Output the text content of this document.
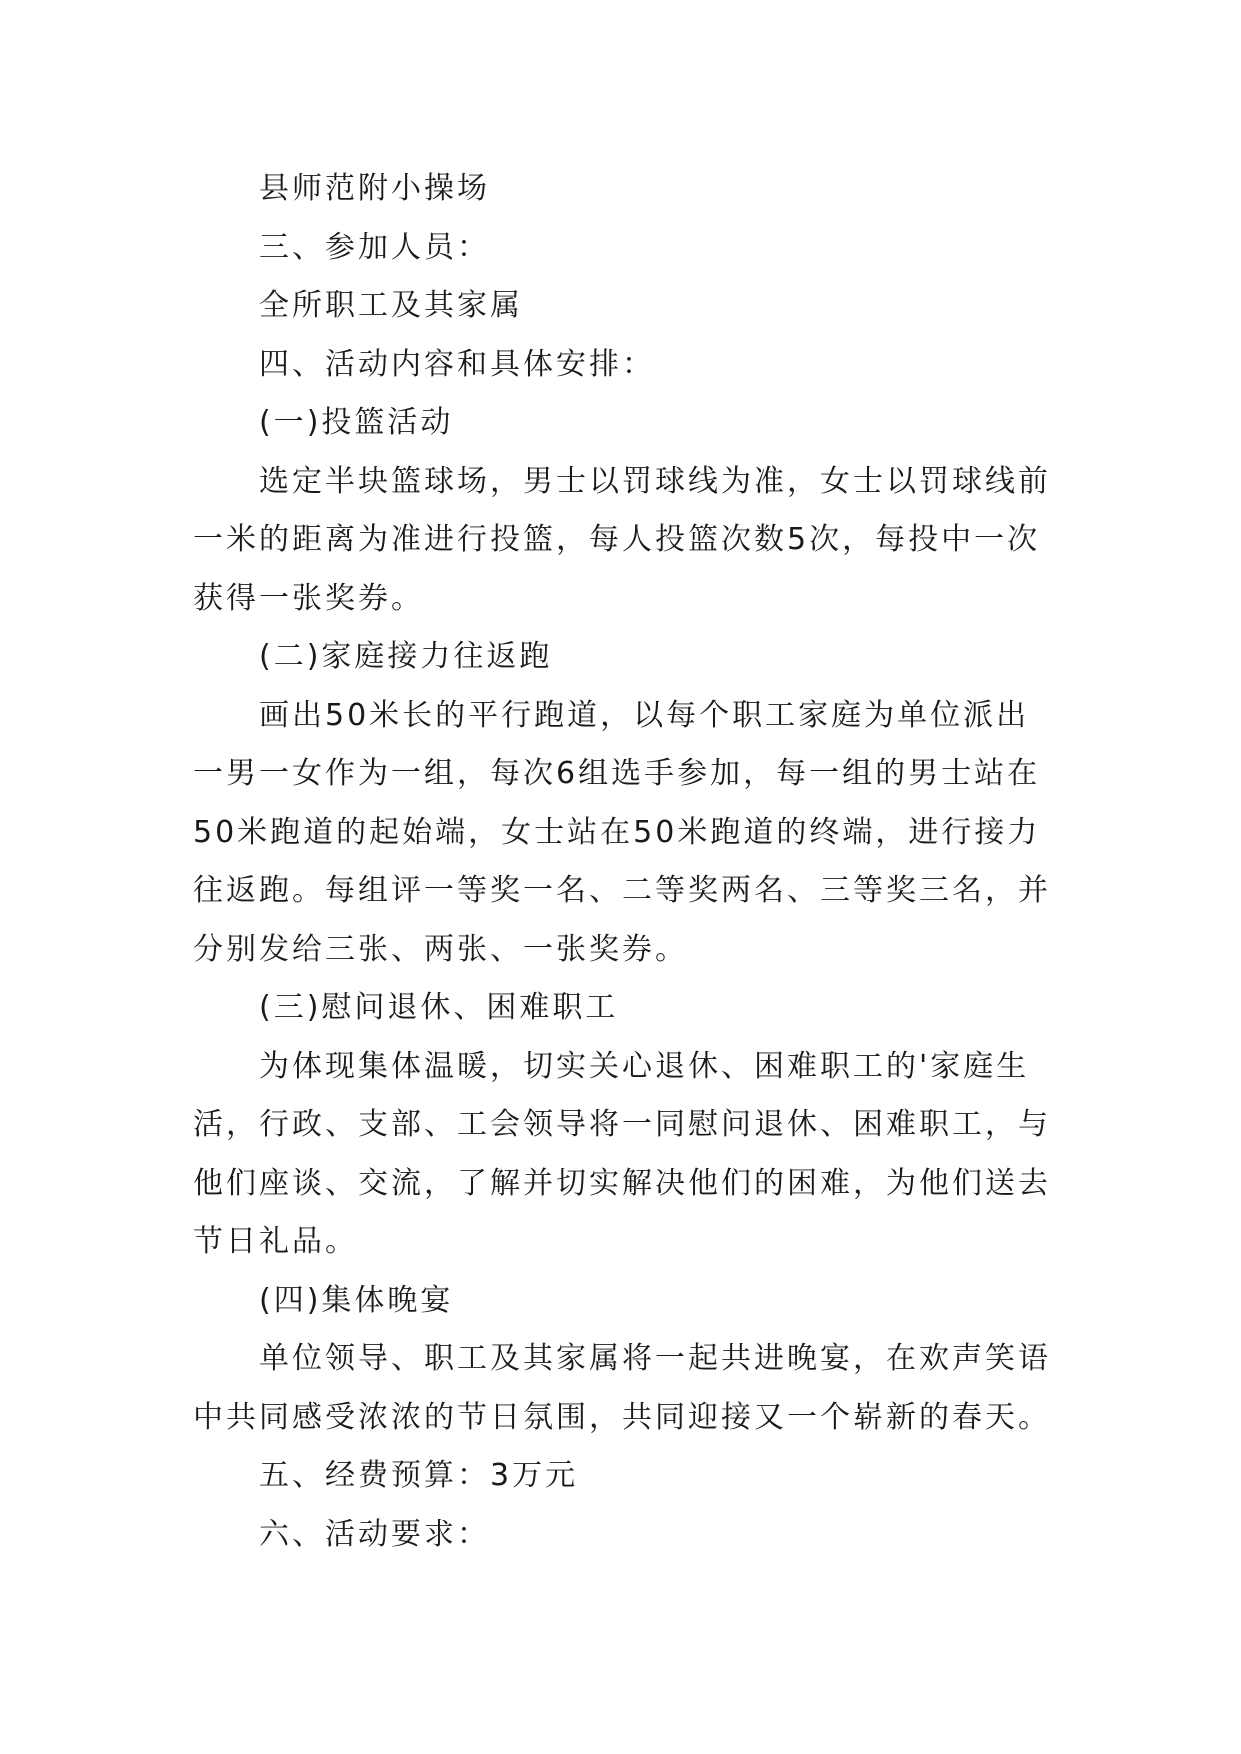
县师范附小操场

三、参加人员：

全所职工及其家属

四、活动内容和具体安排：

(一)投篮活动

选定半块篮球场，男士以罚球线为准，女士以罚球线前一米的距离为准进行投篮，每人投篮次数5次，每投中一次获得一张奖券。

(二)家庭接力往返跑

画出50米长的平行跑道，以每个职工家庭为单位派出一男一女作为一组，每次6组选手参加，每一组的男士站在50米跑道的起始端，女士站在50米跑道的终端，进行接力往返跑。每组评一等奖一名、二等奖两名、三等奖三名，并分别发给三张、两张、一张奖券。

(三)慰问退休、困难职工

为体现集体温暖，切实关心退休、困难职工的'家庭生活，行政、支部、工会领导将一同慰问退休、困难职工，与他们座谈、交流，了解并切实解决他们的困难，为他们送去节日礼品。

(四)集体晚宴

单位领导、职工及其家属将一起共进晚宴，在欢声笑语中共同感受浓浓的节日氛围，共同迎接又一个崭新的春天。

五、经费预算：3万元

六、活动要求：
